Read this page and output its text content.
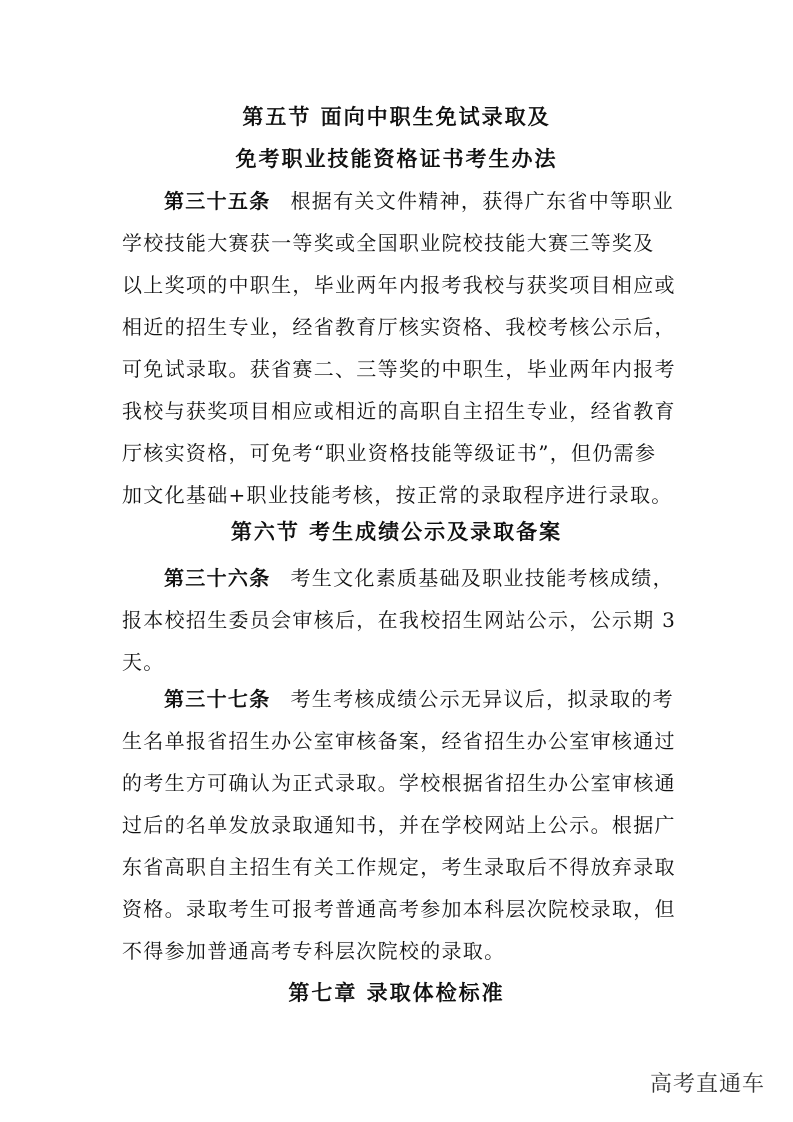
第五节 面向中职生免试录取及
免考职业技能资格证书考生办法
第三十五条 根据有关文件精神，获得广东省中等职业
学校技能大赛获一等奖或全国职业院校技能大赛三等奖及
以上奖项的中职生，毕业两年内报考我校与获奖项目相应或
相近的招生专业，经省教育厅核实资格、我校考核公示后，
可免试录取。获省赛二、三等奖的中职生，毕业两年内报考
我校与获奖项目相应或相近的高职自主招生专业，经省教育
厅核实资格，可免考“职业资格技能等级证书”，但仍需参
加文化基础+职业技能考核，按正常的录取程序进行录取。
第六节 考生成绩公示及录取备案
第三十六条 考生文化素质基础及职业技能考核成绩，
报本校招生委员会审核后，在我校招生网站公示，公示期 3
天。
第三十七条 考生考核成绩公示无异议后，拟录取的考
生名单报省招生办公室审核备案，经省招生办公室审核通过
的考生方可确认为正式录取。学校根据省招生办公室审核通
过后的名单发放录取通知书，并在学校网站上公示。根据广
东省高职自主招生有关工作规定，考生录取后不得放弃录取
资格。录取考生可报考普通高考参加本科层次院校录取，但
不得参加普通高考专科层次院校的录取。
第七章 录取体检标准
高考直通车
